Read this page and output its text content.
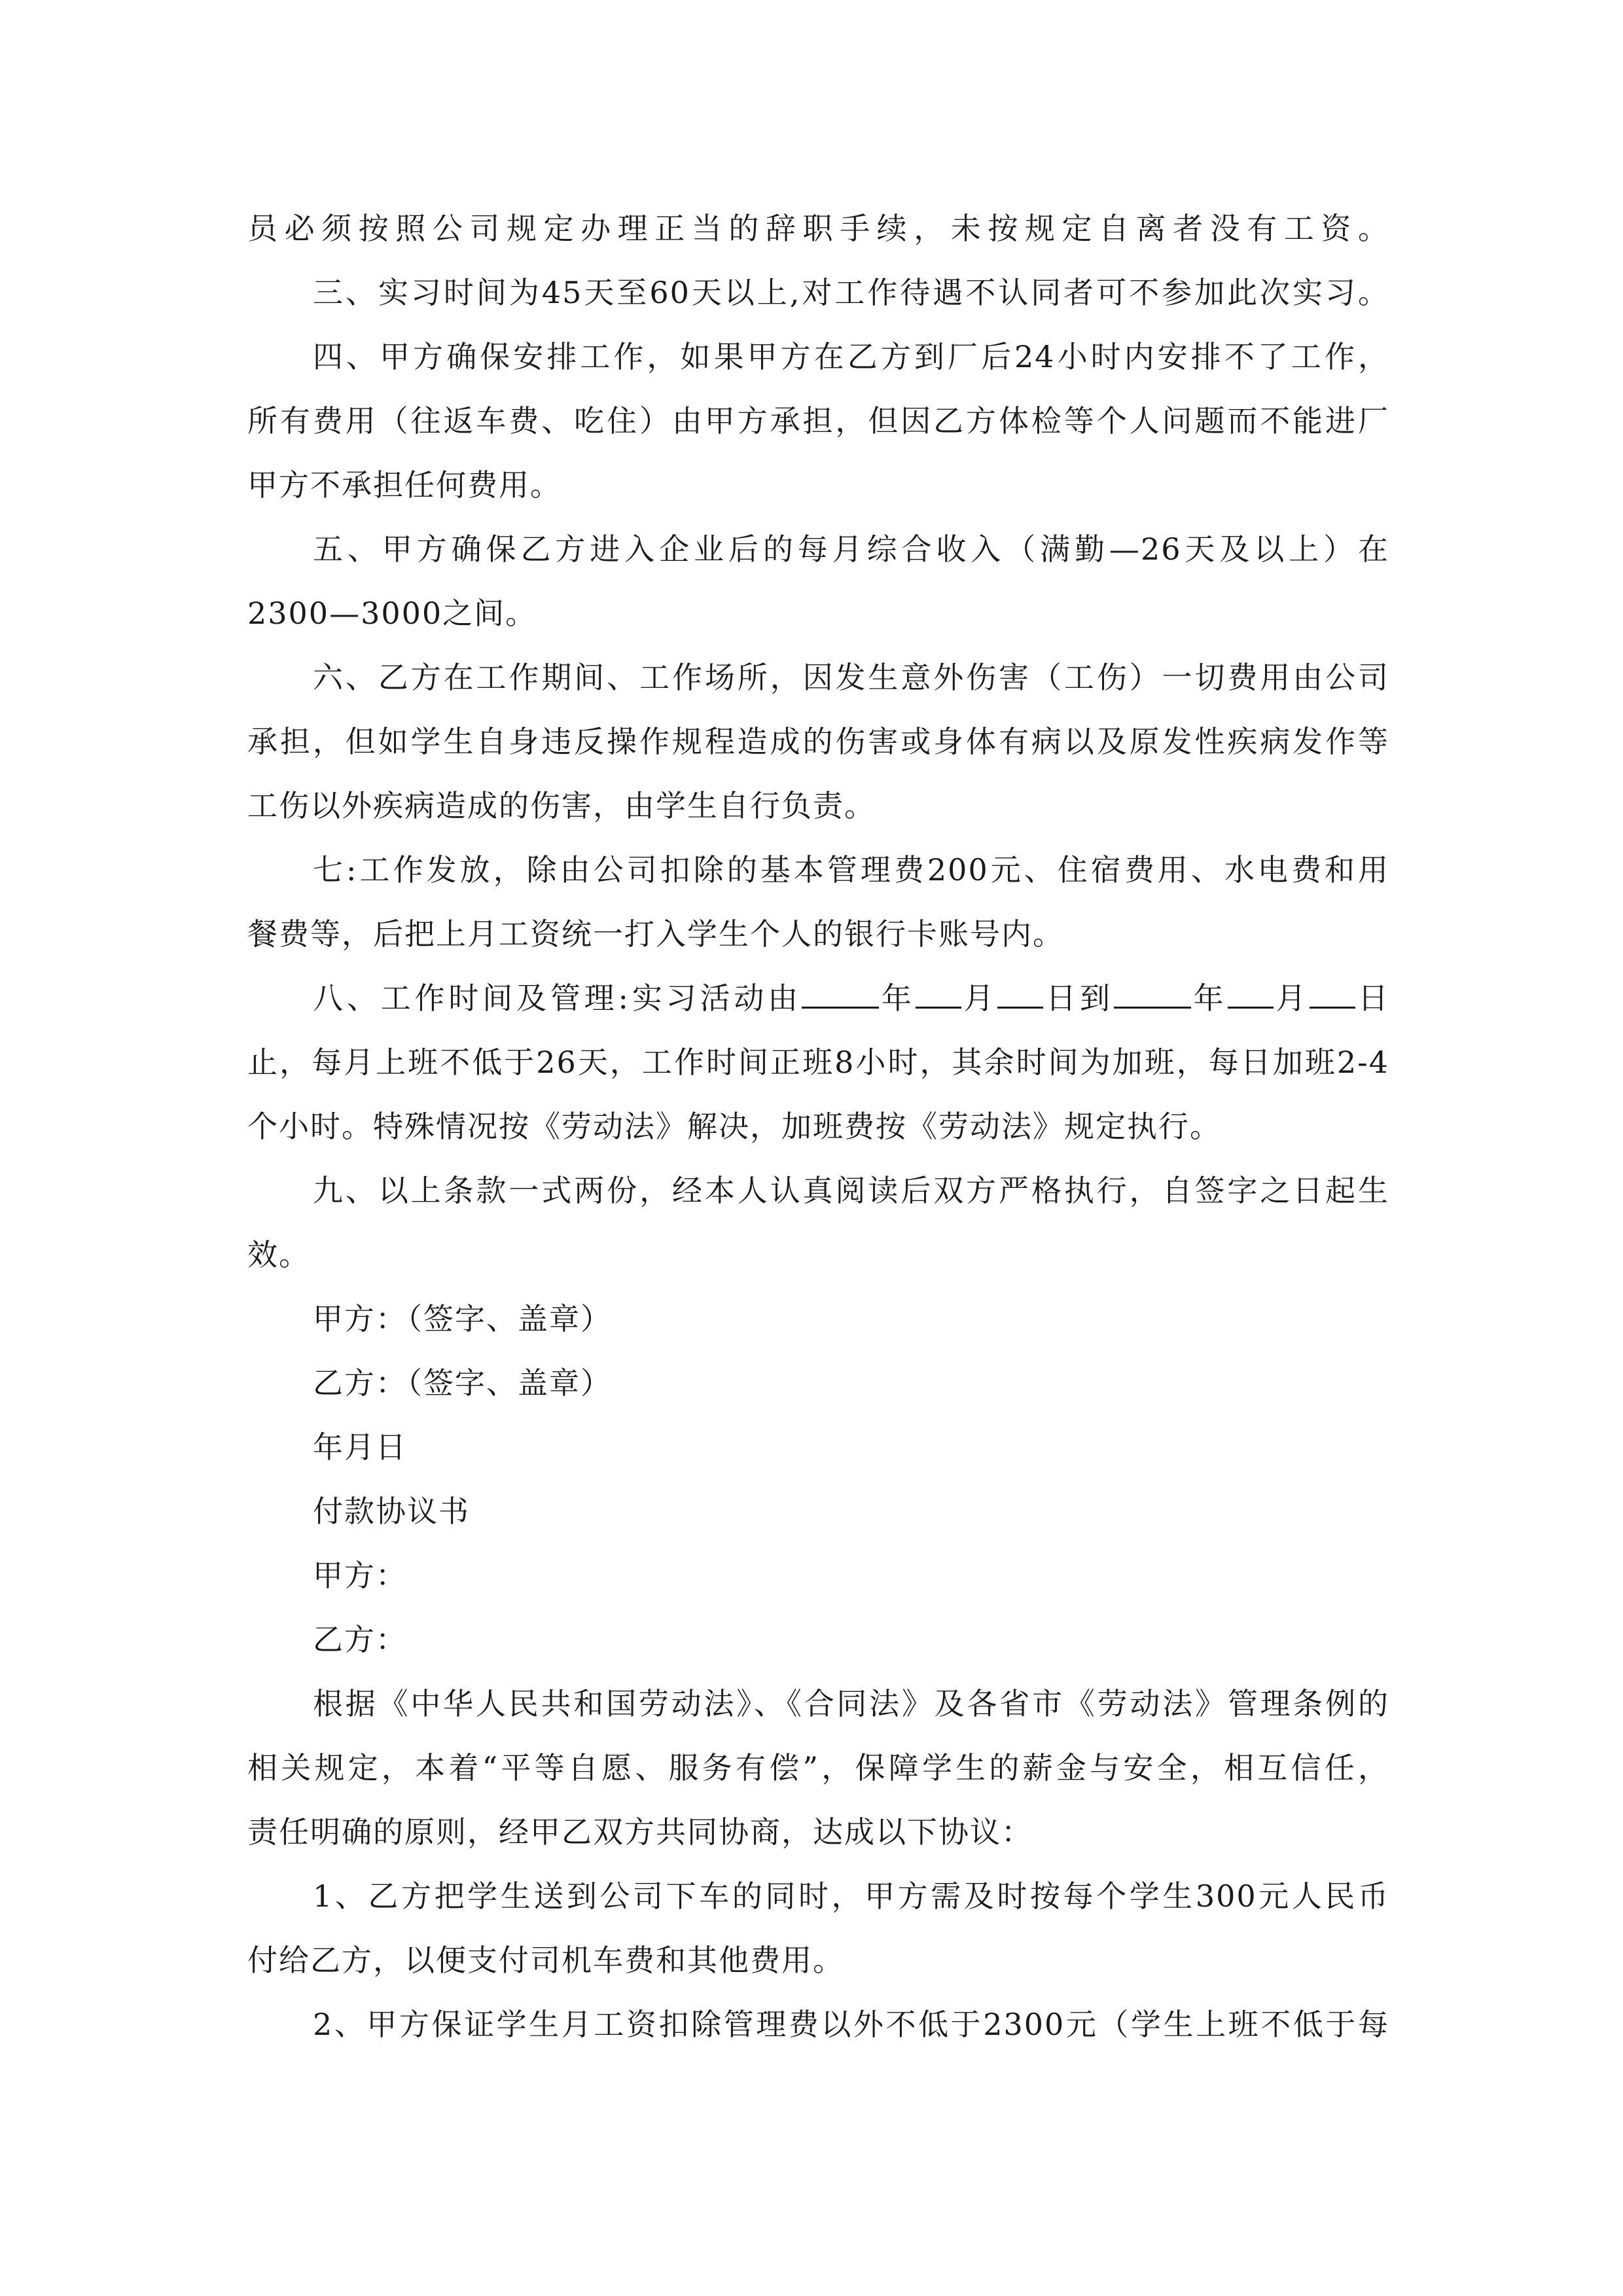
员必须按照公司规定办理正当的辞职手续，未按规定自离者没有工资。
三、实习时间为45天至60天以上,对工作待遇不认同者可不参加此次实习。
四、甲方确保安排工作，如果甲方在乙方到厂后24小时内安排不了工作，
所有费用（往返车费、吃住）由甲方承担，但因乙方体检等个人问题而不能进厂
甲方不承担任何费用。
五、甲方确保乙方进入企业后的每月综合收入（满勤—26天及以上）在
2300—3000之间。
六、乙方在工作期间、工作场所，因发生意外伤害（工伤）一切费用由公司
承担，但如学生自身违反操作规程造成的伤害或身体有病以及原发性疾病发作等
工伤以外疾病造成的伤害，由学生自行负责。
七:工作发放，除由公司扣除的基本管理费200元、住宿费用、水电费和用
餐费等，后把上月工资统一打入学生个人的银行卡账号内。
八、工作时间及管理:实习活动由	年 月 日到	年 月 日
止，每月上班不低于26天，工作时间正班8小时，其余时间为加班，每日加班2-4
个小时。特殊情况按《劳动法》解决，加班费按《劳动法》规定执行。
九、以上条款一式两份，经本人认真阅读后双方严格执行，自签字之日起生
效。
甲方：（签字、盖章）
乙方：（签字、盖章）
年月日
付款协议书
甲方：
乙方：
根据《中华人民共和国劳动法》、《合同法》及各省市《劳动法》管理条例的
相关规定，本着“平等自愿、服务有偿”，保障学生的薪金与安全，相互信任，
责任明确的原则，经甲乙双方共同协商，达成以下协议：
1、乙方把学生送到公司下车的同时，甲方需及时按每个学生300元人民币
付给乙方，以便支付司机车费和其他费用。
2、甲方保证学生月工资扣除管理费以外不低于2300元（学生上班不低于每
